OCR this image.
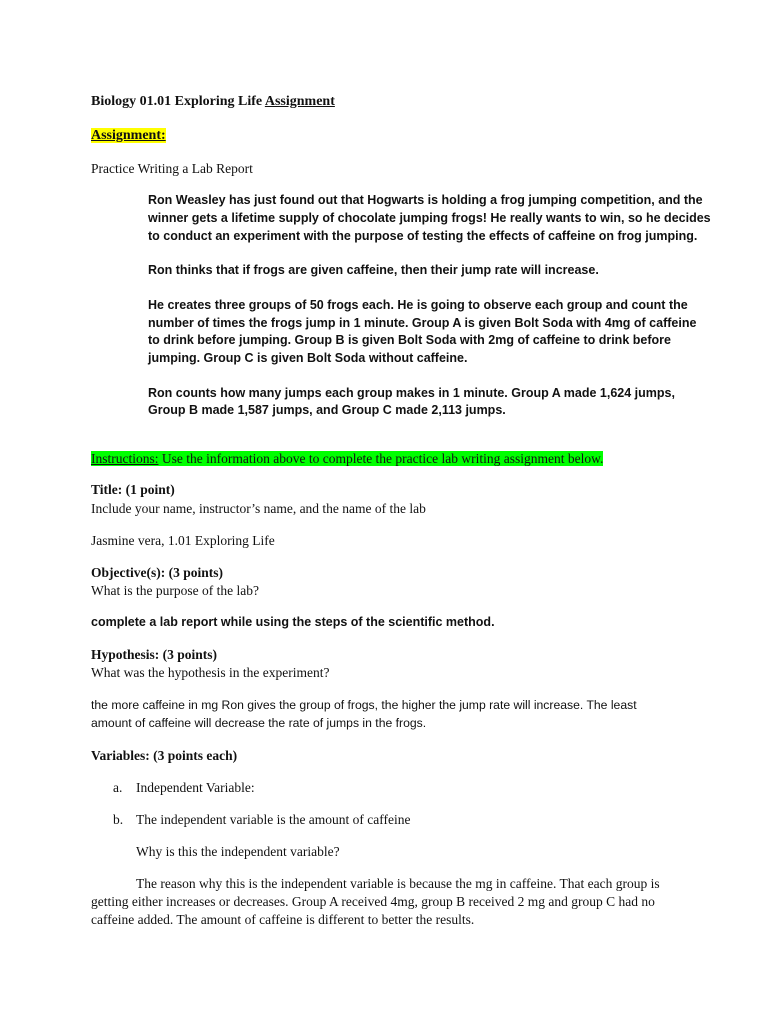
Biology 01.01 Exploring Life Assignment
Assignment:
Practice Writing a Lab Report
Ron Weasley has just found out that Hogwarts is holding a frog jumping competition, and the
winner gets a lifetime supply of chocolate jumping frogs! He really wants to win, so he decides
to conduct an experiment with the purpose of testing the effects of caffeine on frog jumping.
Ron thinks that if frogs are given caffeine, then their jump rate will increase.
He creates three groups of 50 frogs each. He is going to observe each group and count the
number of times the frogs jump in 1 minute. Group A is given Bolt Soda with 4mg of caffeine
to drink before jumping. Group B is given Bolt Soda with 2mg of caffeine to drink before
jumping. Group C is given Bolt Soda without caffeine.
Ron counts how many jumps each group makes in 1 minute. Group A made 1,624 jumps,
Group B made 1,587 jumps, and Group C made 2,113 jumps.
Instructions: Use the information above to complete the practice lab writing assignment below.
Title: (1 point)
Include your name, instructor’s name, and the name of the lab
Jasmine vera, 1.01 Exploring Life
Objective(s): (3 points)
What is the purpose of the lab?
complete a lab report while using the steps of the scientific method.
Hypothesis: (3 points)
What was the hypothesis in the experiment?
the more caffeine in mg Ron gives the group of frogs, the higher the jump rate will increase. The least
amount of caffeine will decrease the rate of jumps in the frogs.
Variables: (3 points each)
a. Independent Variable:
b. The independent variable is the amount of caffeine
Why is this the independent variable?
The reason why this is the independent variable is because the mg in caffeine. That each group is
getting either increases or decreases. Group A received 4mg, group B received 2 mg and group C had no
caffeine added. The amount of caffeine is different to better the results.
